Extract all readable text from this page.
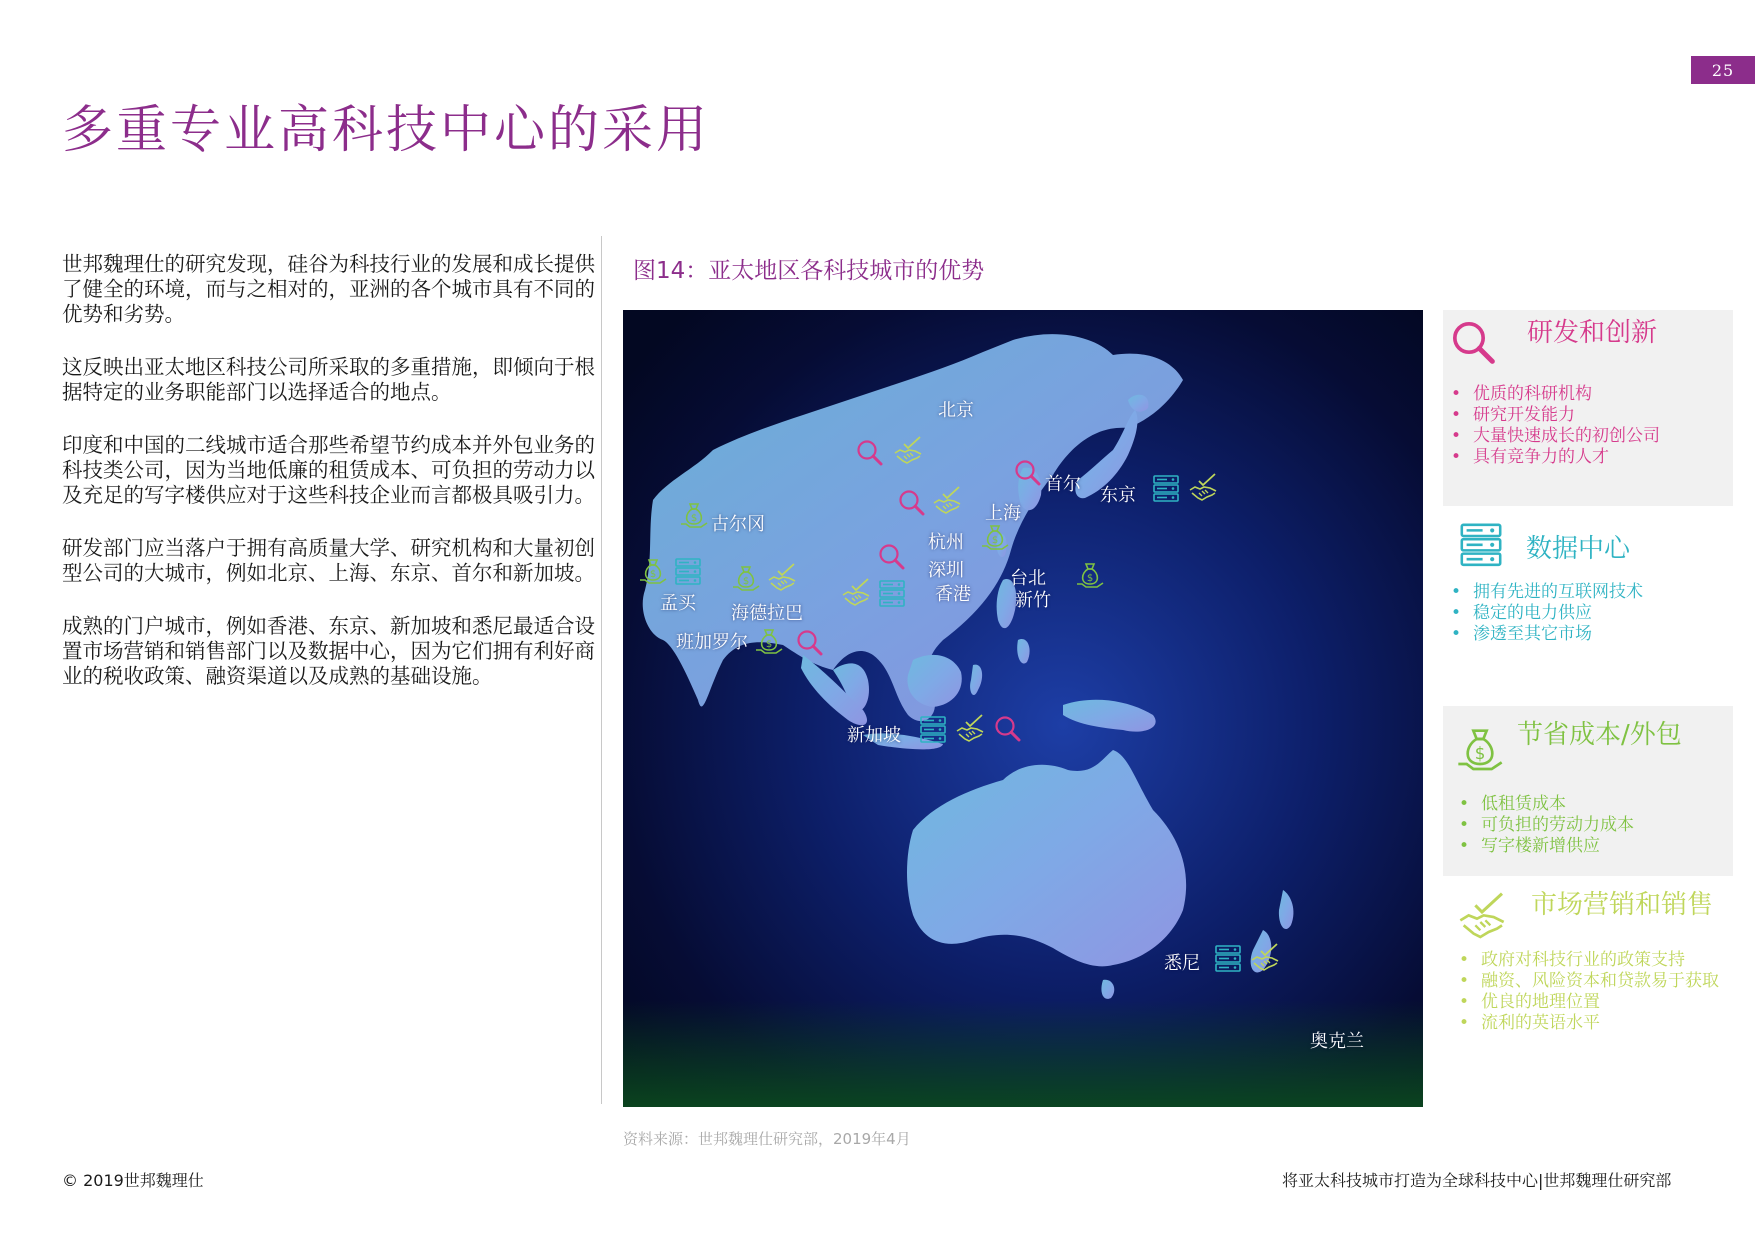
25
多重专业高科技中心的采用

世邦魏理仕的研究发现，硅谷为科技行业的发展和成长提供了健全的环境，而与之相对的，亚洲的各个城市具有不同的优势和劣势。

这反映出亚太地区科技公司所采取的多重措施，即倾向于根据特定的业务职能部门以选择适合的地点。

印度和中国的二线城市适合那些希望节约成本并外包业务的科技类公司，因为当地低廉的租赁成本、可负担的劳动力以及充足的写字楼供应对于这些科技企业而言都极具吸引力。

研发部门应当落户于拥有高质量大学、研究机构和大量初创型公司的大城市，例如北京、上海、东京、首尔和新加坡。

成熟的门户城市，例如香港、东京、新加坡和悉尼最适合设置市场营销和销售部门以及数据中心，因为它们拥有利好商业的税收政策、融资渠道以及成熟的基础设施。

图14：亚太地区各科技城市的优势
北京
首尔
东京
上海
杭州
古尔冈
深圳
香港
台北
新竹
孟买 海德拉巴
班加罗尔
新加坡
悉尼
奥克兰
资料来源：世邦魏理仕研究部，2019年4月
研发和创新
• 优质的科研机构
• 研究开发能力
• 大量快速成长的初创公司
• 具有竞争力的人才
数据中心
• 拥有先进的互联网技术
• 稳定的电力供应
• 渗透至其它市场
节省成本/外包
• 低租赁成本
• 可负担的劳动力成本
• 写字楼新增供应
市场营销和销售
• 政府对科技行业的政策支持
• 融资、风险资本和贷款易于获取
• 优良的地理位置
• 流利的英语水平
© 2019世邦魏理仕	将亚太科技城市打造为全球科技中心|世邦魏理仕研究部
